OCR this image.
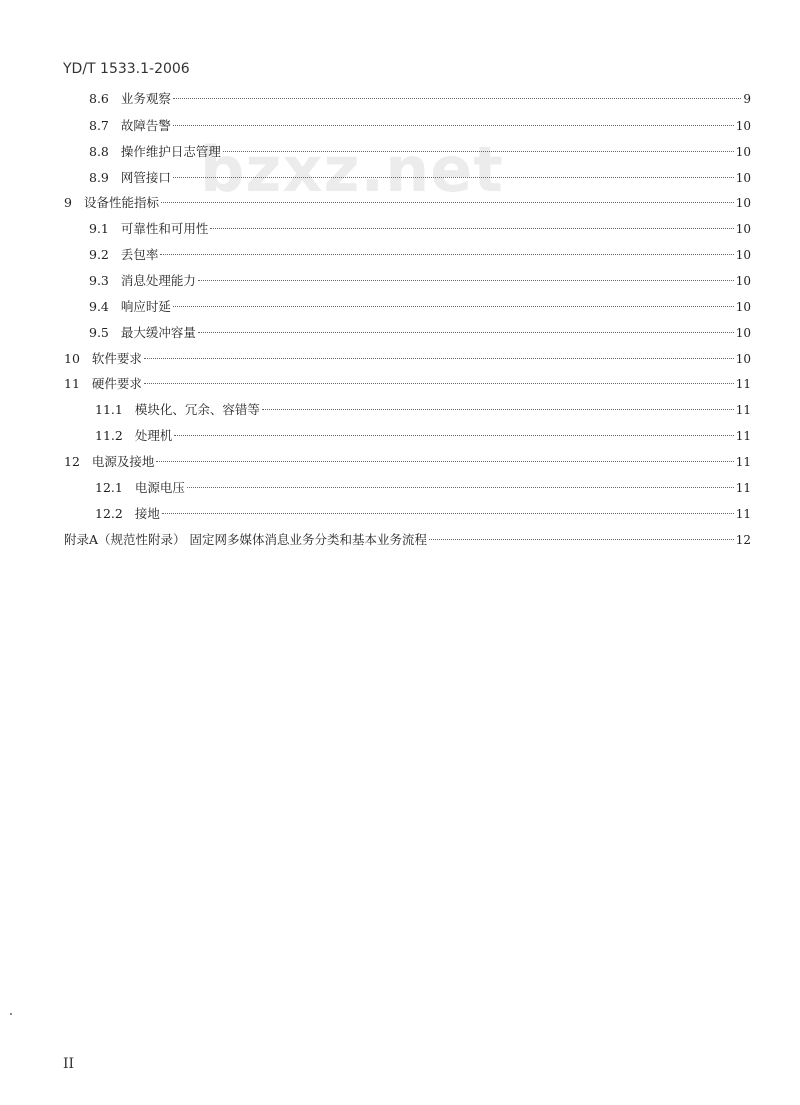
YD/T 1533.1-2006
bzxz.net
8.6 业务观察	9
8.7 故障告警	10
8.8 操作维护日志管理	10
8.9 网管接口	10
9 设备性能指标	10
9.1 可靠性和可用性	10
9.2 丢包率	10
9.3 消息处理能力	10
9.4 响应时延	10
9.5 最大缓冲容量	10
10 软件要求	10
11 硬件要求	11
11.1 模块化、冗余、容错等	11
11.2 处理机	11
12 电源及接地	11
12.1 电源电压	11
12.2 接地	11
附录A （规范性附录） 固定网多媒体消息业务分类和基本业务流程	12
II
